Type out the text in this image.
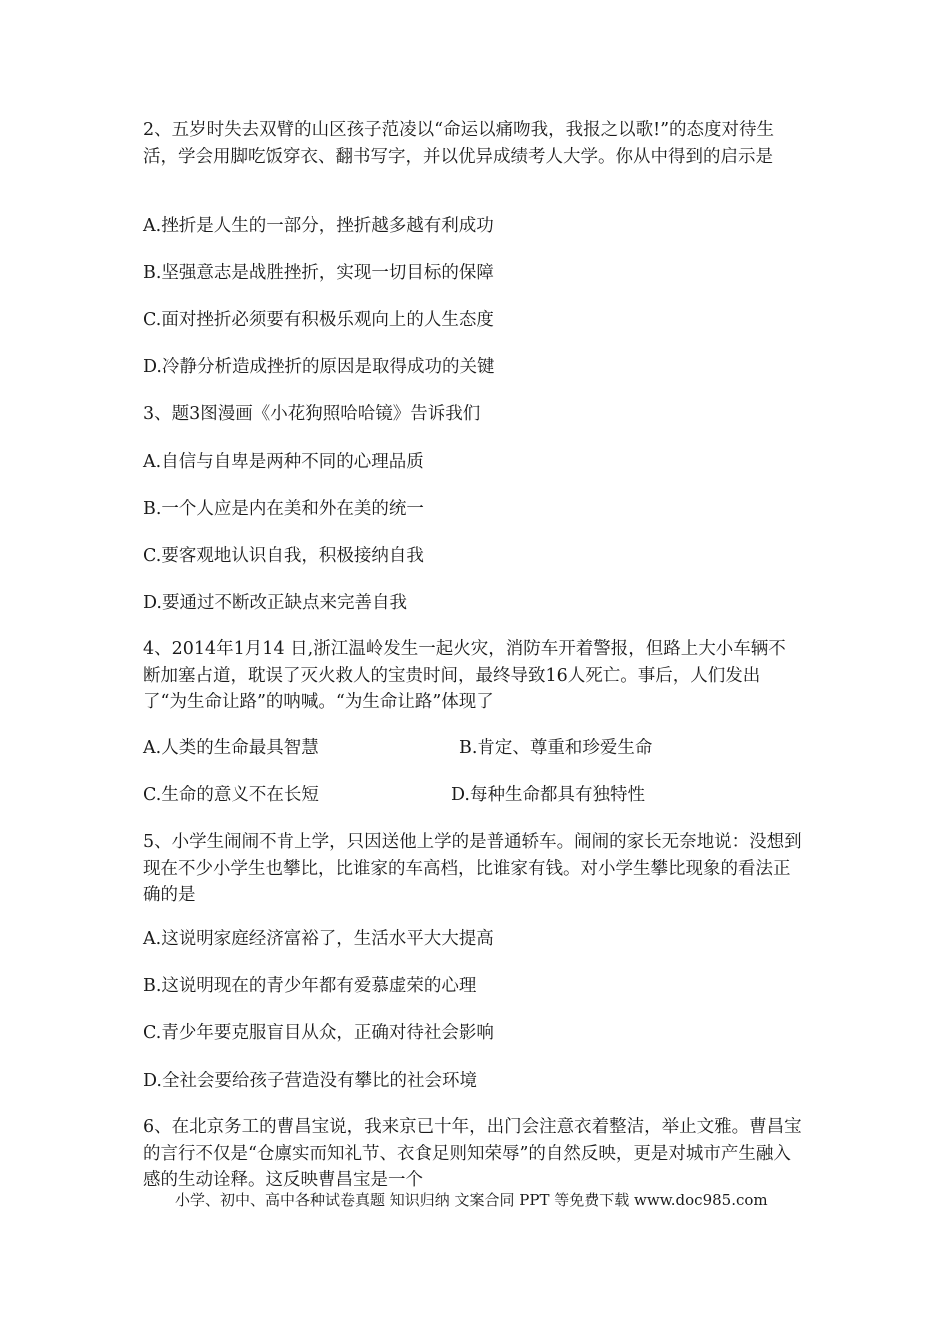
2、五岁时失去双臂的山区孩子范凌以“命运以痛吻我，我报之以歌!”的态度对待生活，学会用脚吃饭穿衣、翻书写字，并以优异成绩考人大学。你从中得到的启示是

A.挫折是人生的一部分，挫折越多越有利成功

B.坚强意志是战胜挫折，实现一切目标的保障

C.面对挫折必须要有积极乐观向上的人生态度

D.冷静分析造成挫折的原因是取得成功的关键

3、题3图漫画《小花狗照哈哈镜》告诉我们

A.自信与自卑是两种不同的心理品质

B.一个人应是内在美和外在美的统一

C.要客观地认识自我，积极接纳自我

D.要通过不断改正缺点来完善自我

4、2014年1月14 日,浙江温岭发生一起火灾，消防车开着警报，但路上大小车辆不断加塞占道，耽误了灭火救人的宝贵时间，最终导致16人死亡。事后，人们发出了“为生命让路”的呐喊。“为生命让路”体现了

A.人类的生命最具智慧	B.肯定、尊重和珍爱生命

C.生命的意义不在长短	D.每种生命都具有独特性

5、小学生闹闹不肯上学，只因送他上学的是普通轿车。闹闹的家长无奈地说：没想到现在不少小学生也攀比，比谁家的车高档，比谁家有钱。对小学生攀比现象的看法正确的是

A.这说明家庭经济富裕了，生活水平大大提高

B.这说明现在的青少年都有爱慕虚荣的心理

C.青少年要克服盲目从众，正确对待社会影响

D.全社会要给孩子营造没有攀比的社会环境

6、在北京务工的曹昌宝说，我来京已十年，出门会注意衣着整洁，举止文雅。曹昌宝的言行不仅是“仓廪实而知礼节、衣食足则知荣辱”的自然反映，更是对城市产生融入感的生动诠释。这反映曹昌宝是一个

小学、初中、高中各种试卷真题 知识归纳 文案合同 PPT 等免费下载 www.doc985.com
